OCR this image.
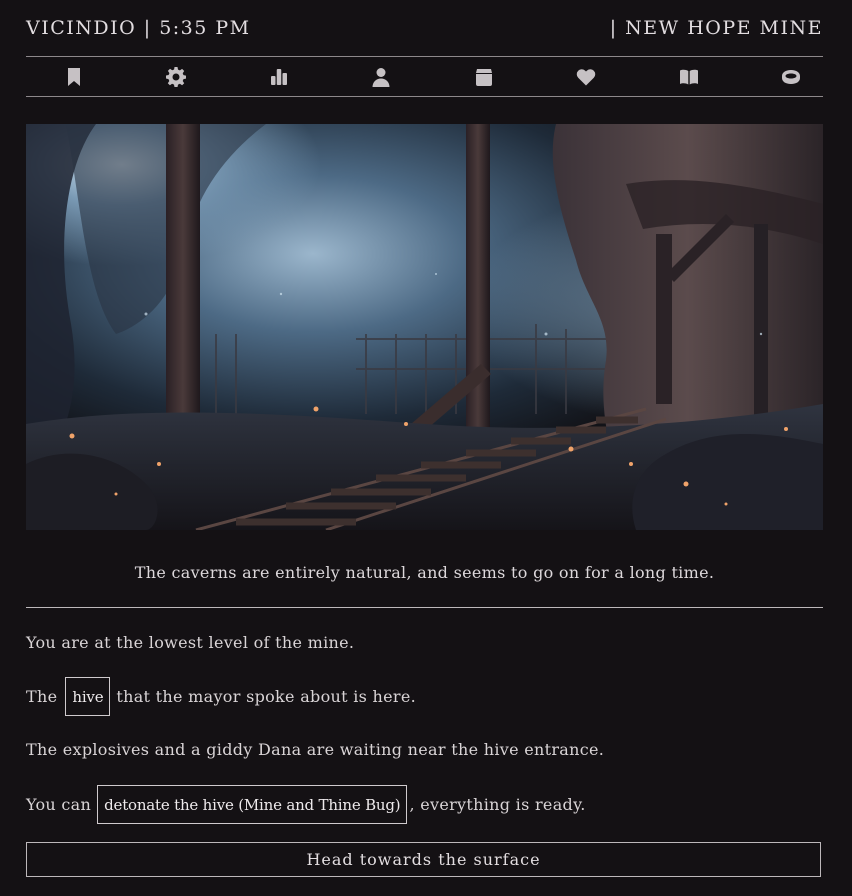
VICINDIO | 5:35 PM	| NEW HOPE MINE
The caverns are entirely natural, and seems to go on for a long time.
You are at the lowest level of the mine.
The	hive that the mayor spoke about is here.
The explosives and a giddy Dana are waiting near the hive entrance.
You can detonate the hive (Mine and Thine Bug) , everything is ready.
Head towards the surface
